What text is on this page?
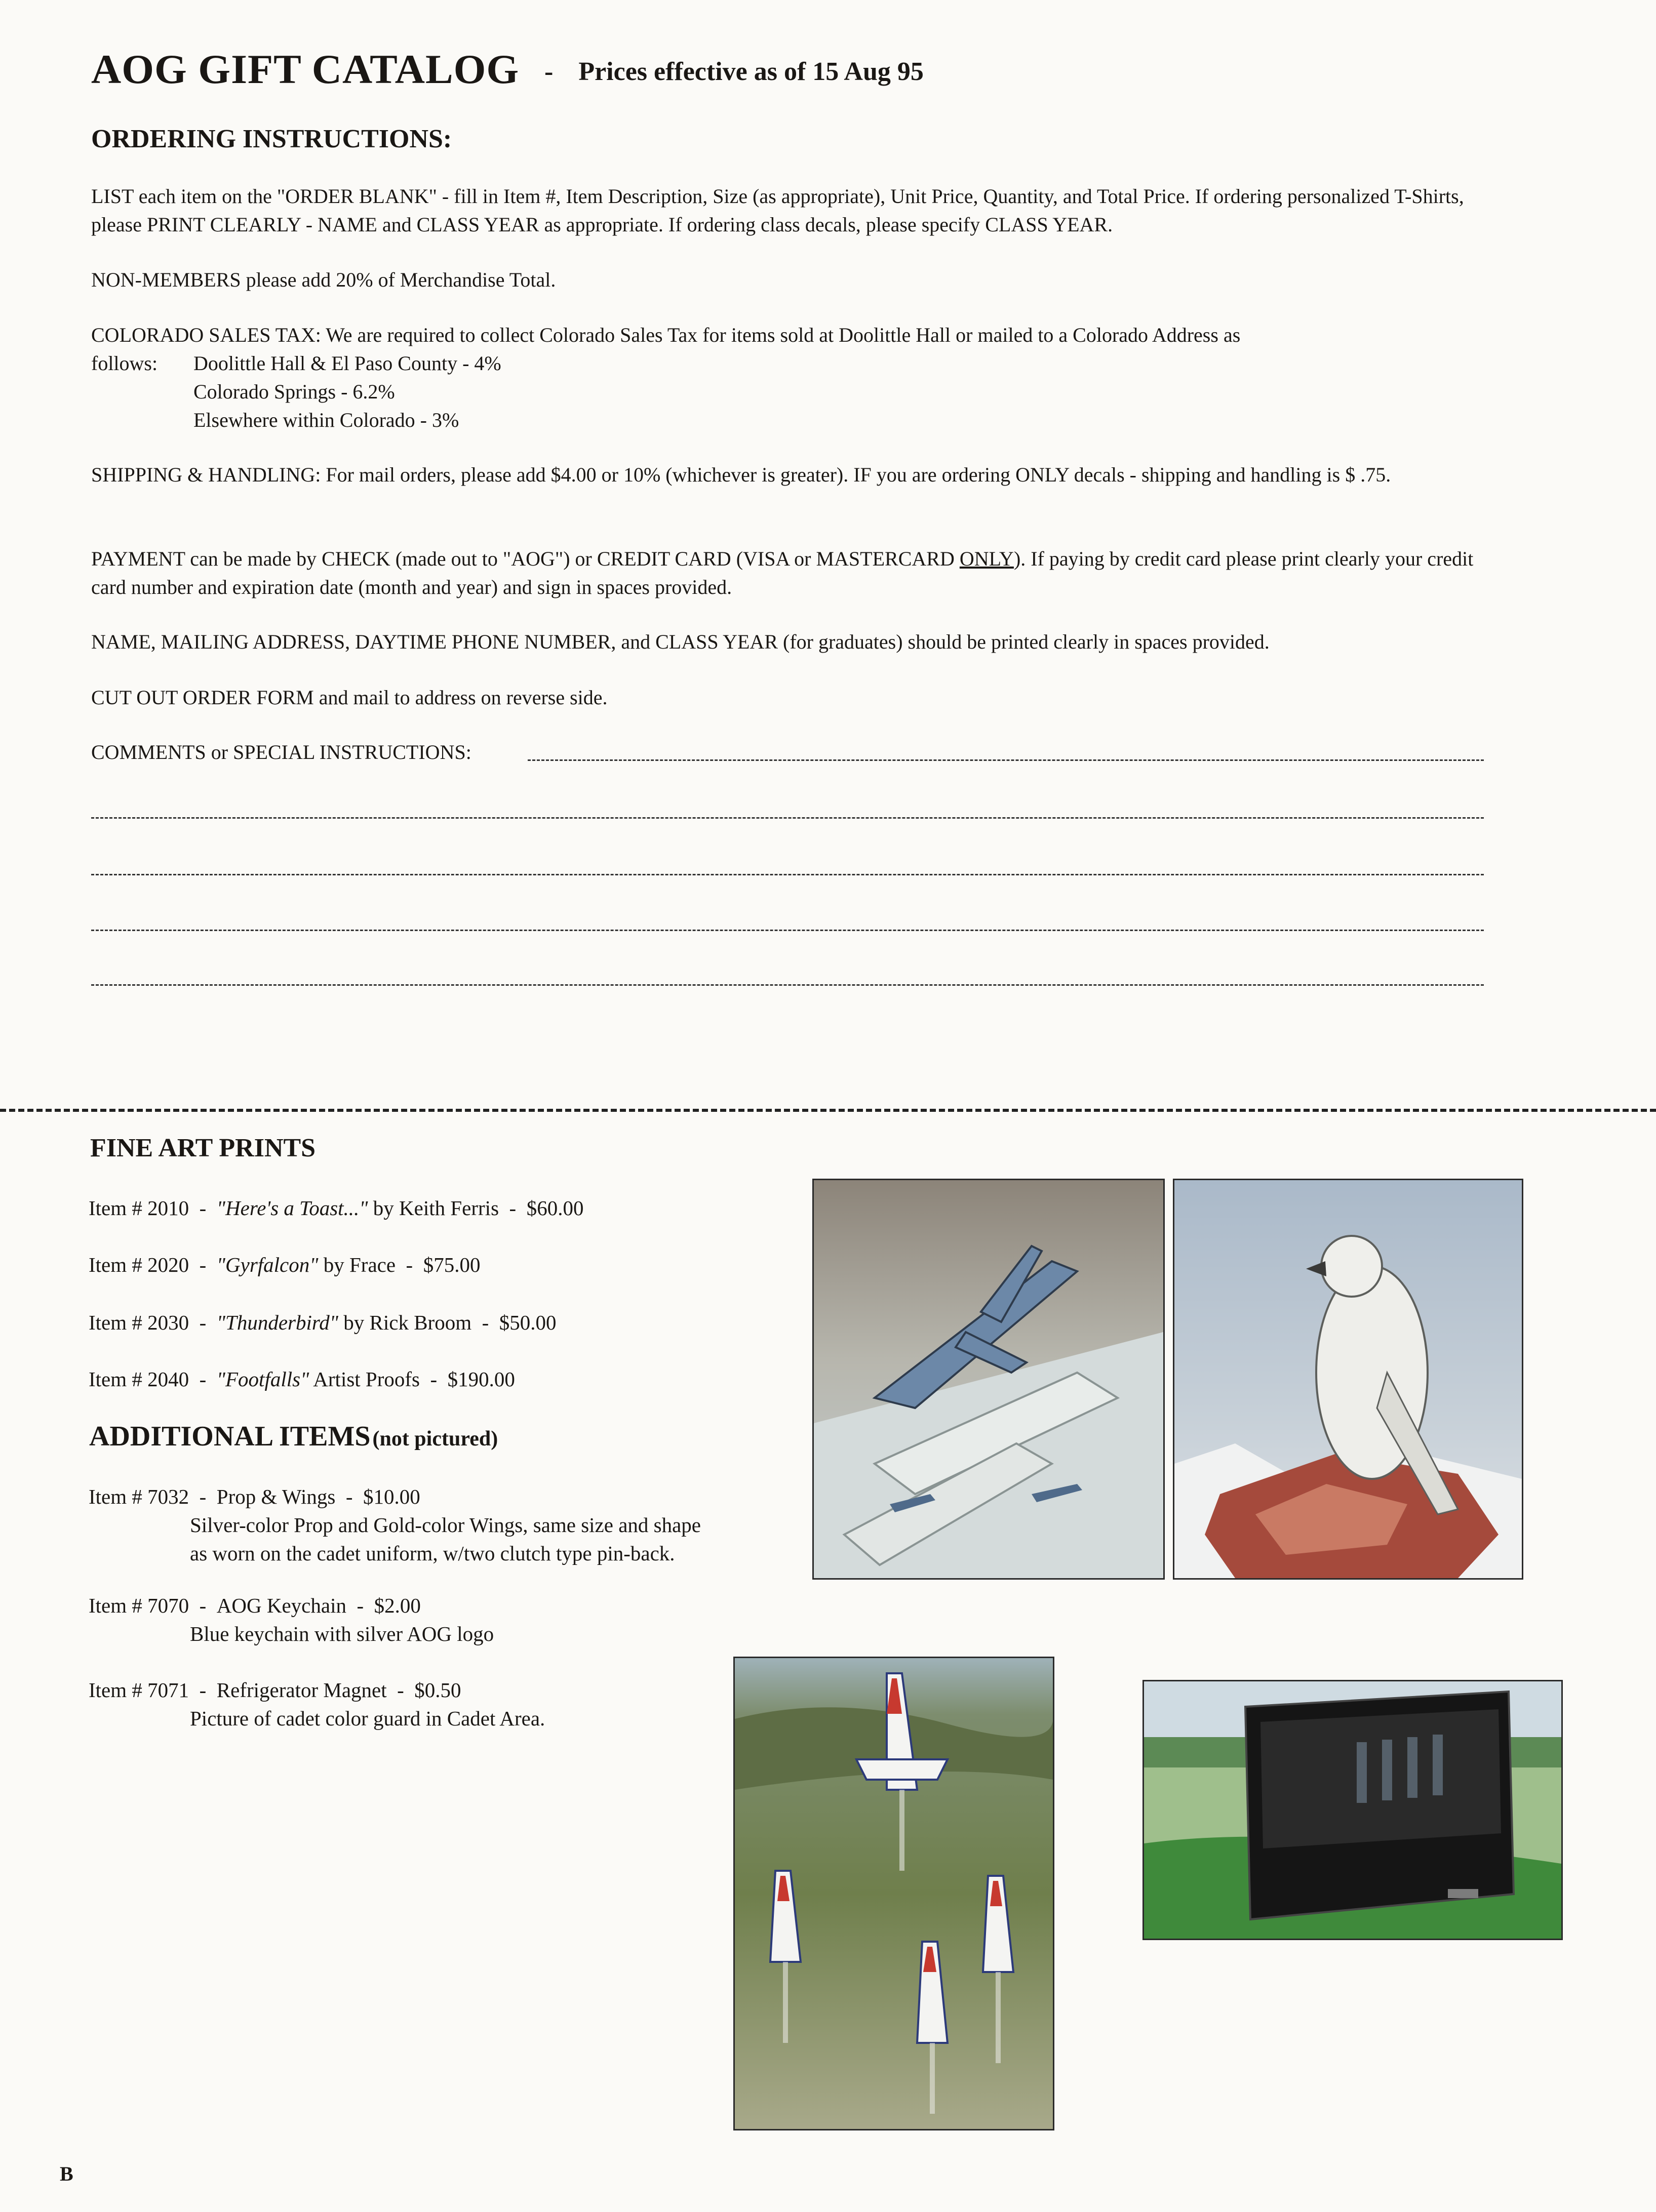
AOG GIFT CATALOG - Prices effective as of 15 Aug 95
ORDERING INSTRUCTIONS:
LIST each item on the "ORDER BLANK" - fill in Item #, Item Description, Size (as appropriate), Unit Price, Quantity, and Total Price. If ordering personalized T-Shirts, please PRINT CLEARLY - NAME and CLASS YEAR as appropriate. If ordering class decals, please specify CLASS YEAR.
NON-MEMBERS please add 20% of Merchandise Total.
COLORADO SALES TAX: We are required to collect Colorado Sales Tax for items sold at Doolittle Hall or mailed to a Colorado Address as
follows:	Doolittle Hall & El Paso County - 4%
Colorado Springs - 6.2%
Elsewhere within Colorado - 3%
SHIPPING & HANDLING: For mail orders, please add $4.00 or 10% (whichever is greater). IF you are ordering ONLY decals - shipping and handling is $ .75.
PAYMENT can be made by CHECK (made out to "AOG") or CREDIT CARD (VISA or MASTERCARD ONLY). If paying by credit card please print clearly your credit card number and expiration date (month and year) and sign in spaces provided.
NAME, MAILING ADDRESS, DAYTIME PHONE NUMBER, and CLASS YEAR (for graduates) should be printed clearly in spaces provided.
CUT OUT ORDER FORM and mail to address on reverse side.
COMMENTS or SPECIAL INSTRUCTIONS:
FINE ART PRINTS
Item # 2010  -  "Here's a Toast..." by Keith Ferris  -  $60.00
Item # 2020  -  "Gyrfalcon" by Frace  -  $75.00
Item # 2030  -  "Thunderbird" by Rick Broom  -  $50.00
Item # 2040  -  "Footfalls" Artist Proofs  -  $190.00
ADDITIONAL ITEMS (not pictured)
Item # 7032  -  Prop & Wings  -  $10.00
Silver-color Prop and Gold-color Wings, same size and shape
as worn on the cadet uniform, w/two clutch type pin-back.
Item # 7070  -  AOG Keychain  -  $2.00
Blue keychain with silver AOG logo
Item # 7071  -  Refrigerator Magnet  -  $0.50
Picture of cadet color guard in Cadet Area.
B
